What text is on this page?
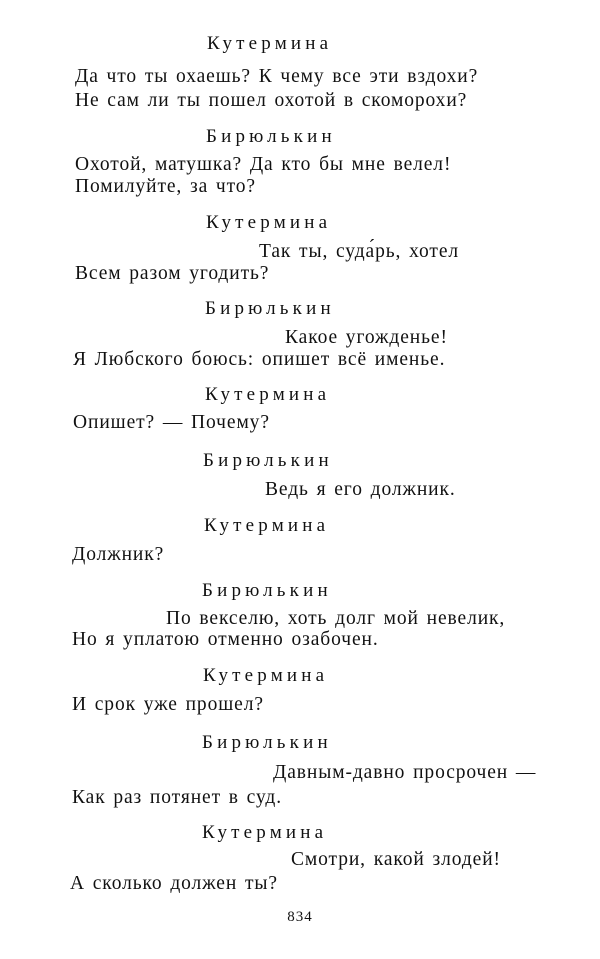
Кутермина
Да что ты охаешь? К чему все эти вздохи?
Не сам ли ты пошел охотой в скоморохи?
Бирюлькин
Охотой, матушка? Да кто бы мне велел!
Помилуйте, за что?
Кутермина
Так ты, суда́рь, хотел
Всем разом угодить?
Бирюлькин
Какое угожденье!
Я Любского боюсь: опишет всё именье.
Кутермина
Опишет? — Почему?
Бирюлькин
Ведь я его должник.
Кутермина
Должник?
Бирюлькин
По векселю, хоть долг мой невелик,
Но я уплатою отменно озабочен.
Кутермина
И срок уже прошел?
Бирюлькин
Давным-давно просрочен —
Как раз потянет в суд.
Кутермина
Смотри, какой злодей!
А сколько должен ты?
834
